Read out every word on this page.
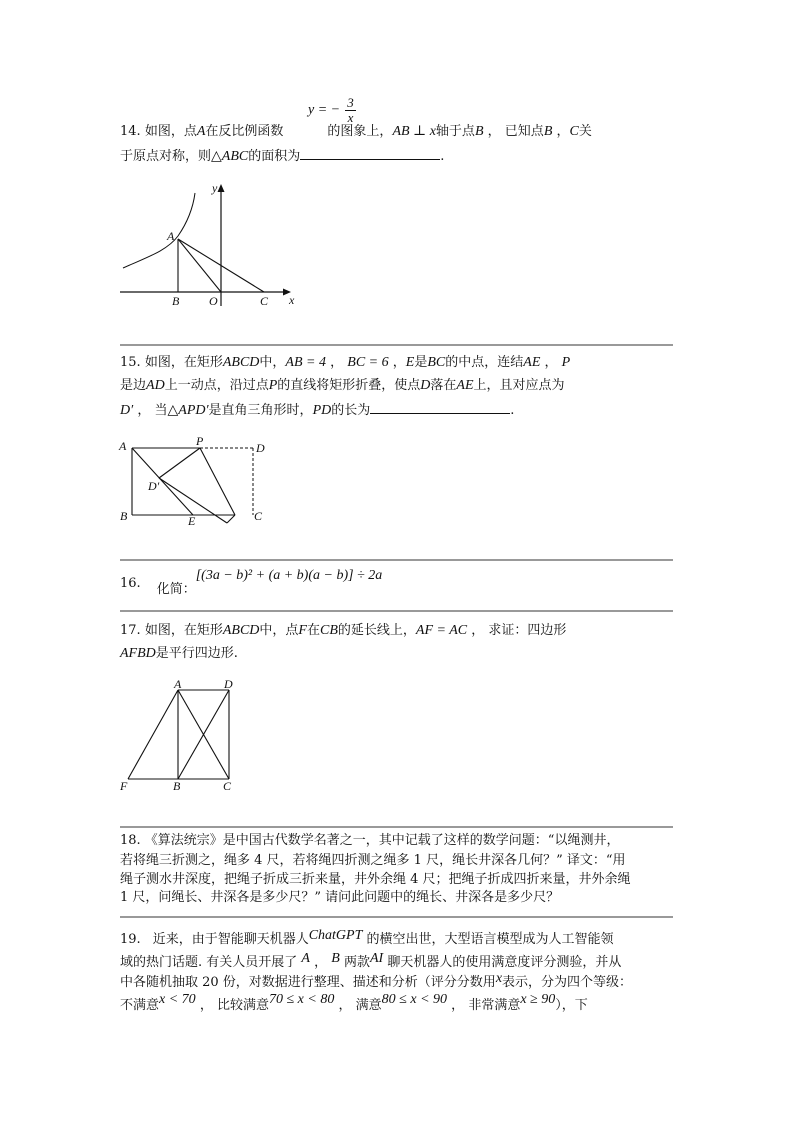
y = − $\frac{3}{x}$
14. 如图，点A在反比例函数	的图象上，AB ⊥ x轴于点B ， 已知点B ，C关
于原点对称，则△ABC的面积为	.
y
x
A
B O	C
15. 如图，在矩形ABCD中，AB = 4 ， BC = 6 ，E是BC的中点，连结AE ， P
是边AD上一动点，沿过点P的直线将矩形折叠，使点D落在AE上，且对应点为
D′ ， 当△APD′是直角三角形时，PD的长为	.
A	P	D
D′
B	E	C
16. 化简：[(3a − b)² + (a + b)(a − b)] ÷ 2a
17. 如图，在矩形ABCD中，点F在CB的延长线上，AF = AC ， 求证：四边形
AFBD是平行四边形.
A	D
F	B	C
18. 《算法统宗》是中国古代数学名著之一，其中记载了这样的数学问题：“以绳测井，
若将绳三折测之，绳多 4 尺，若将绳四折测之绳多 1 尺，绳长井深各几何？” 译文：“用
绳子测水井深度，把绳子折成三折来量，井外余绳 4 尺；把绳子折成四折来量，井外余绳
1 尺，问绳长、井深各是多少尺？” 请问此问题中的绳长、井深各是多少尺？
19. 近来，由于智能聊天机器人ChatGPT 的横空出世，大型语言模型成为人工智能领
域的热门话题. 有关人员开展了 A ， B 两款AI 聊天机器人的使用满意度评分测验，并从
中各随机抽取 20 份，对数据进行整理、描述和分析（评分分数用x表示，分为四个等级：
不满意x < 70 ， 比较满意70 ≤ x < 80 ， 满意80 ≤ x < 90 ， 非常满意x ≥ 90），下
